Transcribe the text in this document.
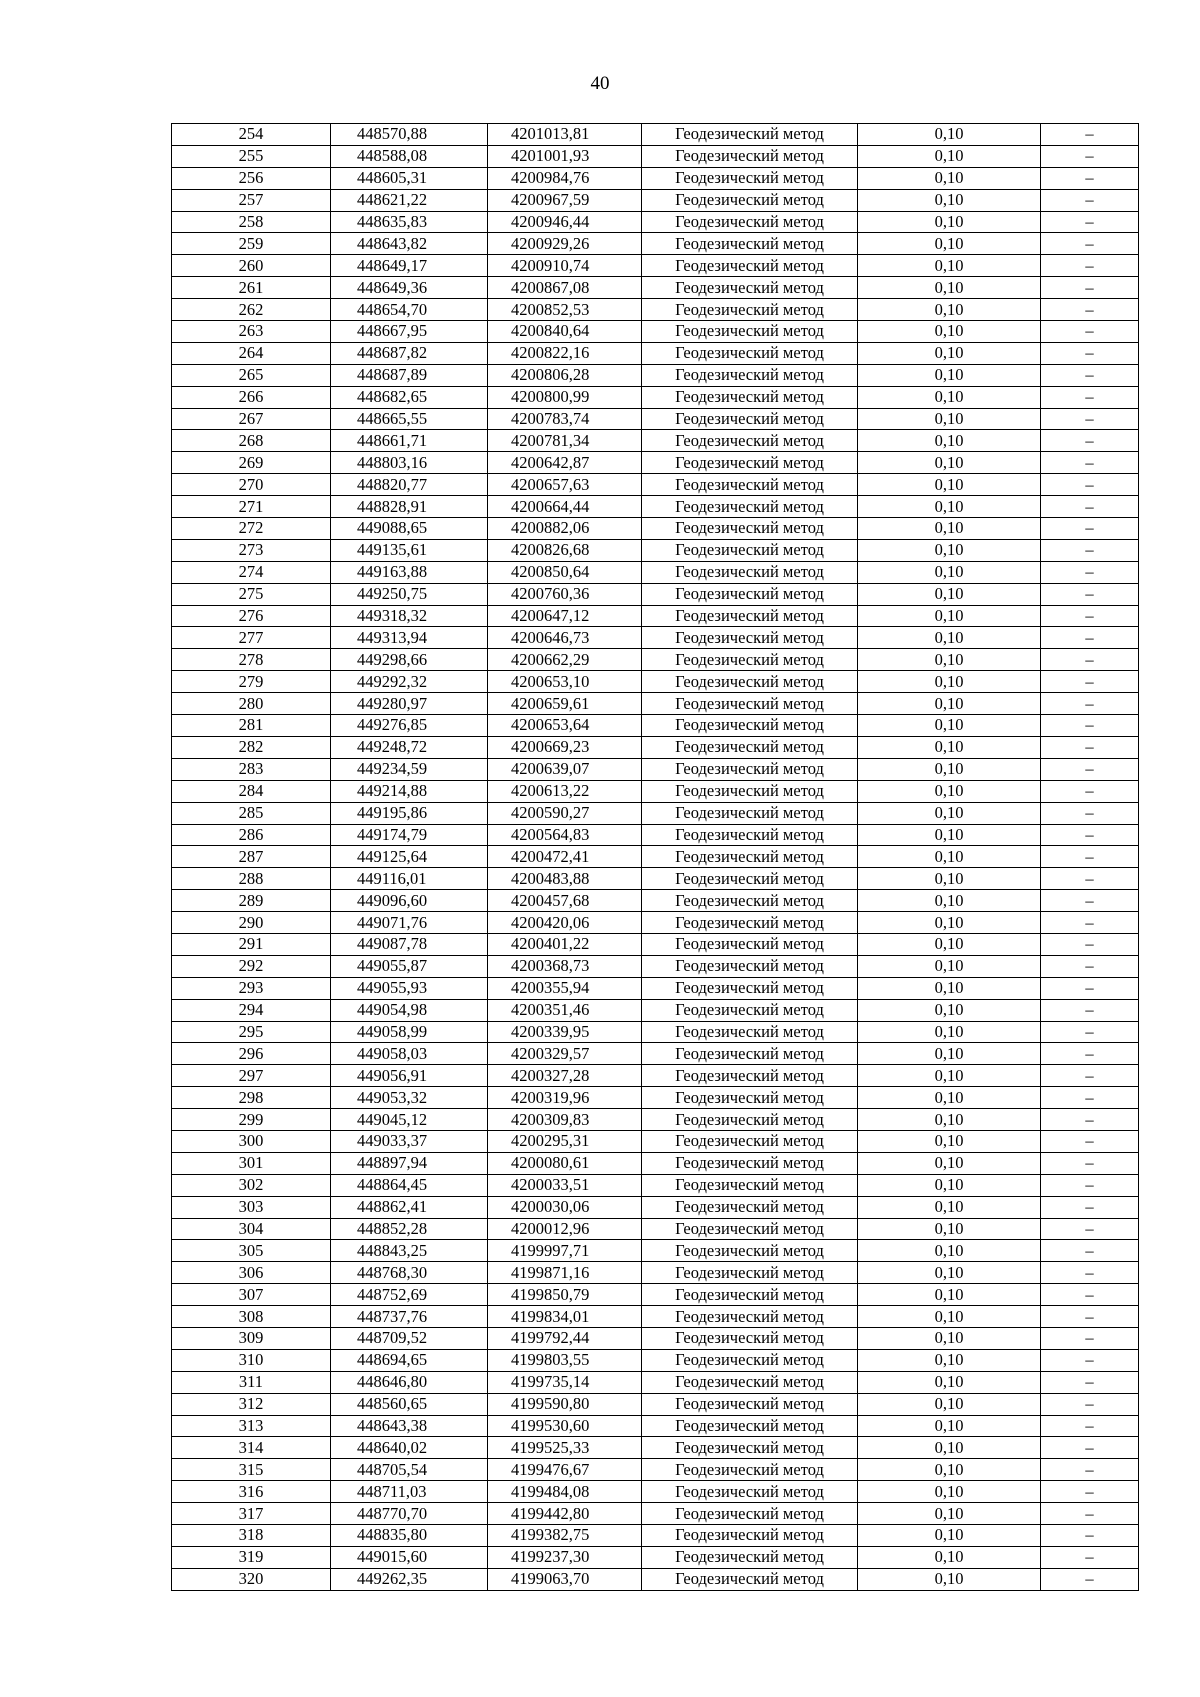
40
254	448570,88	4201013,81	Геодезический метод	0,10	–
255	448588,08	4201001,93	Геодезический метод	0,10	–
256	448605,31	4200984,76	Геодезический метод	0,10	–
257	448621,22	4200967,59	Геодезический метод	0,10	–
258	448635,83	4200946,44	Геодезический метод	0,10	–
259	448643,82	4200929,26	Геодезический метод	0,10	–
260	448649,17	4200910,74	Геодезический метод	0,10	–
261	448649,36	4200867,08	Геодезический метод	0,10	–
262	448654,70	4200852,53	Геодезический метод	0,10	–
263	448667,95	4200840,64	Геодезический метод	0,10	–
264	448687,82	4200822,16	Геодезический метод	0,10	–
265	448687,89	4200806,28	Геодезический метод	0,10	–
266	448682,65	4200800,99	Геодезический метод	0,10	–
267	448665,55	4200783,74	Геодезический метод	0,10	–
268	448661,71	4200781,34	Геодезический метод	0,10	–
269	448803,16	4200642,87	Геодезический метод	0,10	–
270	448820,77	4200657,63	Геодезический метод	0,10	–
271	448828,91	4200664,44	Геодезический метод	0,10	–
272	449088,65	4200882,06	Геодезический метод	0,10	–
273	449135,61	4200826,68	Геодезический метод	0,10	–
274	449163,88	4200850,64	Геодезический метод	0,10	–
275	449250,75	4200760,36	Геодезический метод	0,10	–
276	449318,32	4200647,12	Геодезический метод	0,10	–
277	449313,94	4200646,73	Геодезический метод	0,10	–
278	449298,66	4200662,29	Геодезический метод	0,10	–
279	449292,32	4200653,10	Геодезический метод	0,10	–
280	449280,97	4200659,61	Геодезический метод	0,10	–
281	449276,85	4200653,64	Геодезический метод	0,10	–
282	449248,72	4200669,23	Геодезический метод	0,10	–
283	449234,59	4200639,07	Геодезический метод	0,10	–
284	449214,88	4200613,22	Геодезический метод	0,10	–
285	449195,86	4200590,27	Геодезический метод	0,10	–
286	449174,79	4200564,83	Геодезический метод	0,10	–
287	449125,64	4200472,41	Геодезический метод	0,10	–
288	449116,01	4200483,88	Геодезический метод	0,10	–
289	449096,60	4200457,68	Геодезический метод	0,10	–
290	449071,76	4200420,06	Геодезический метод	0,10	–
291	449087,78	4200401,22	Геодезический метод	0,10	–
292	449055,87	4200368,73	Геодезический метод	0,10	–
293	449055,93	4200355,94	Геодезический метод	0,10	–
294	449054,98	4200351,46	Геодезический метод	0,10	–
295	449058,99	4200339,95	Геодезический метод	0,10	–
296	449058,03	4200329,57	Геодезический метод	0,10	–
297	449056,91	4200327,28	Геодезический метод	0,10	–
298	449053,32	4200319,96	Геодезический метод	0,10	–
299	449045,12	4200309,83	Геодезический метод	0,10	–
300	449033,37	4200295,31	Геодезический метод	0,10	–
301	448897,94	4200080,61	Геодезический метод	0,10	–
302	448864,45	4200033,51	Геодезический метод	0,10	–
303	448862,41	4200030,06	Геодезический метод	0,10	–
304	448852,28	4200012,96	Геодезический метод	0,10	–
305	448843,25	4199997,71	Геодезический метод	0,10	–
306	448768,30	4199871,16	Геодезический метод	0,10	–
307	448752,69	4199850,79	Геодезический метод	0,10	–
308	448737,76	4199834,01	Геодезический метод	0,10	–
309	448709,52	4199792,44	Геодезический метод	0,10	–
310	448694,65	4199803,55	Геодезический метод	0,10	–
311	448646,80	4199735,14	Геодезический метод	0,10	–
312	448560,65	4199590,80	Геодезический метод	0,10	–
313	448643,38	4199530,60	Геодезический метод	0,10	–
314	448640,02	4199525,33	Геодезический метод	0,10	–
315	448705,54	4199476,67	Геодезический метод	0,10	–
316	448711,03	4199484,08	Геодезический метод	0,10	–
317	448770,70	4199442,80	Геодезический метод	0,10	–
318	448835,80	4199382,75	Геодезический метод	0,10	–
319	449015,60	4199237,30	Геодезический метод	0,10	–
320	449262,35	4199063,70	Геодезический метод	0,10	–
